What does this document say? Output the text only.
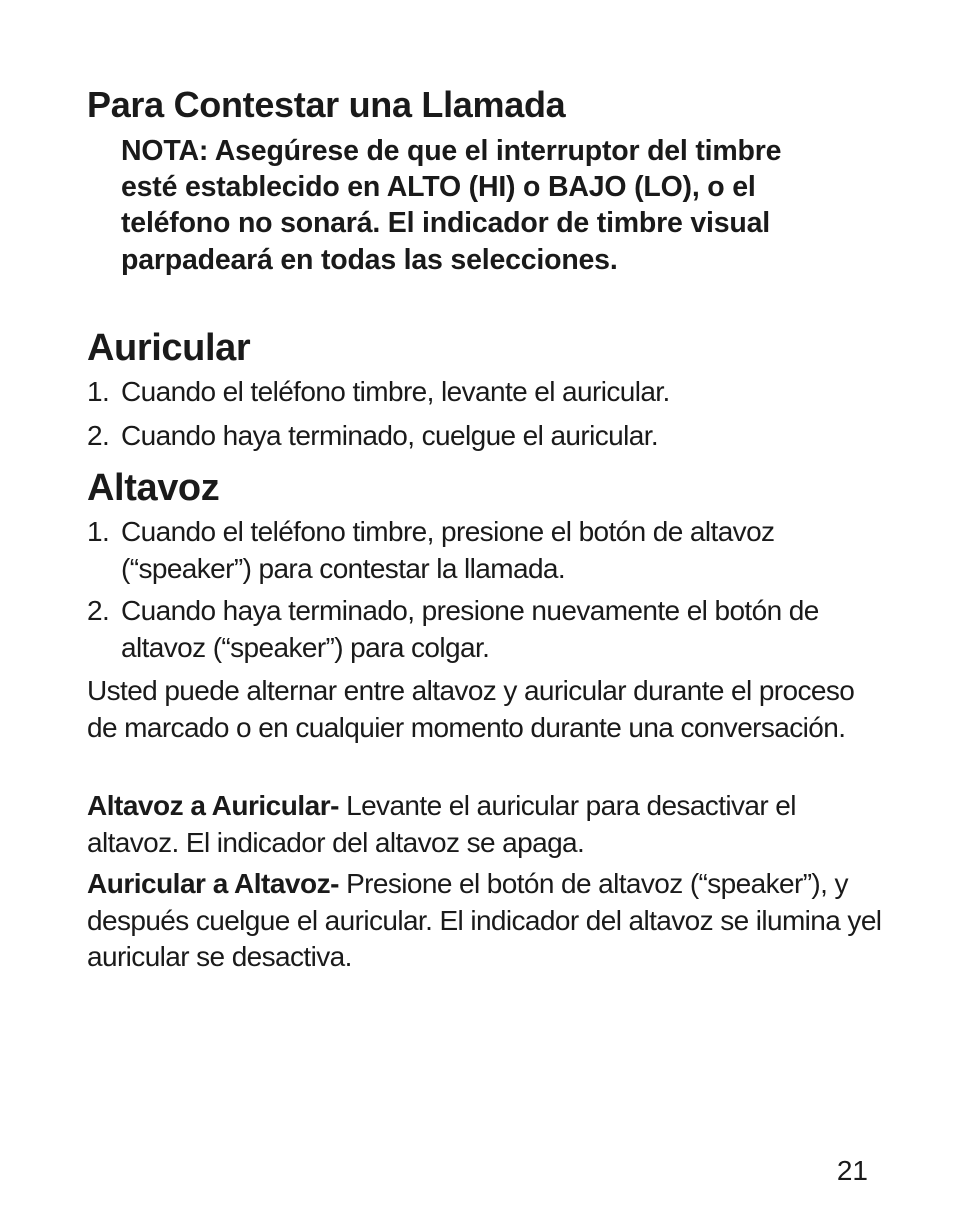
Para Contestar una Llamada

NOTA: Asegúrese de que el interruptor del timbre esté establecido en ALTO (HI) o BAJO (LO), o el teléfono no sonará. El indicador de timbre visual parpadeará en todas las selecciones.

Auricular
1. Cuando el teléfono timbre, levante el auricular.
2. Cuando haya terminado, cuelgue el auricular.
Altavoz
1. Cuando el teléfono timbre, presione el botón de altavoz (“speaker”) para contestar la llamada.
2. Cuando haya terminado, presione nuevamente el botón de altavoz (“speaker”) para colgar.

Usted puede alternar entre altavoz y auricular durante el proceso de marcado o en cualquier momento durante una conversación.

Altavoz a Auricular- Levante el auricular para desactivar el altavoz. El indicador del altavoz se apaga.

Auricular a Altavoz- Presione el botón de altavoz (“speaker”), y después cuelgue el auricular. El indicador del altavoz se ilumina yel auricular se desactiva.

21
